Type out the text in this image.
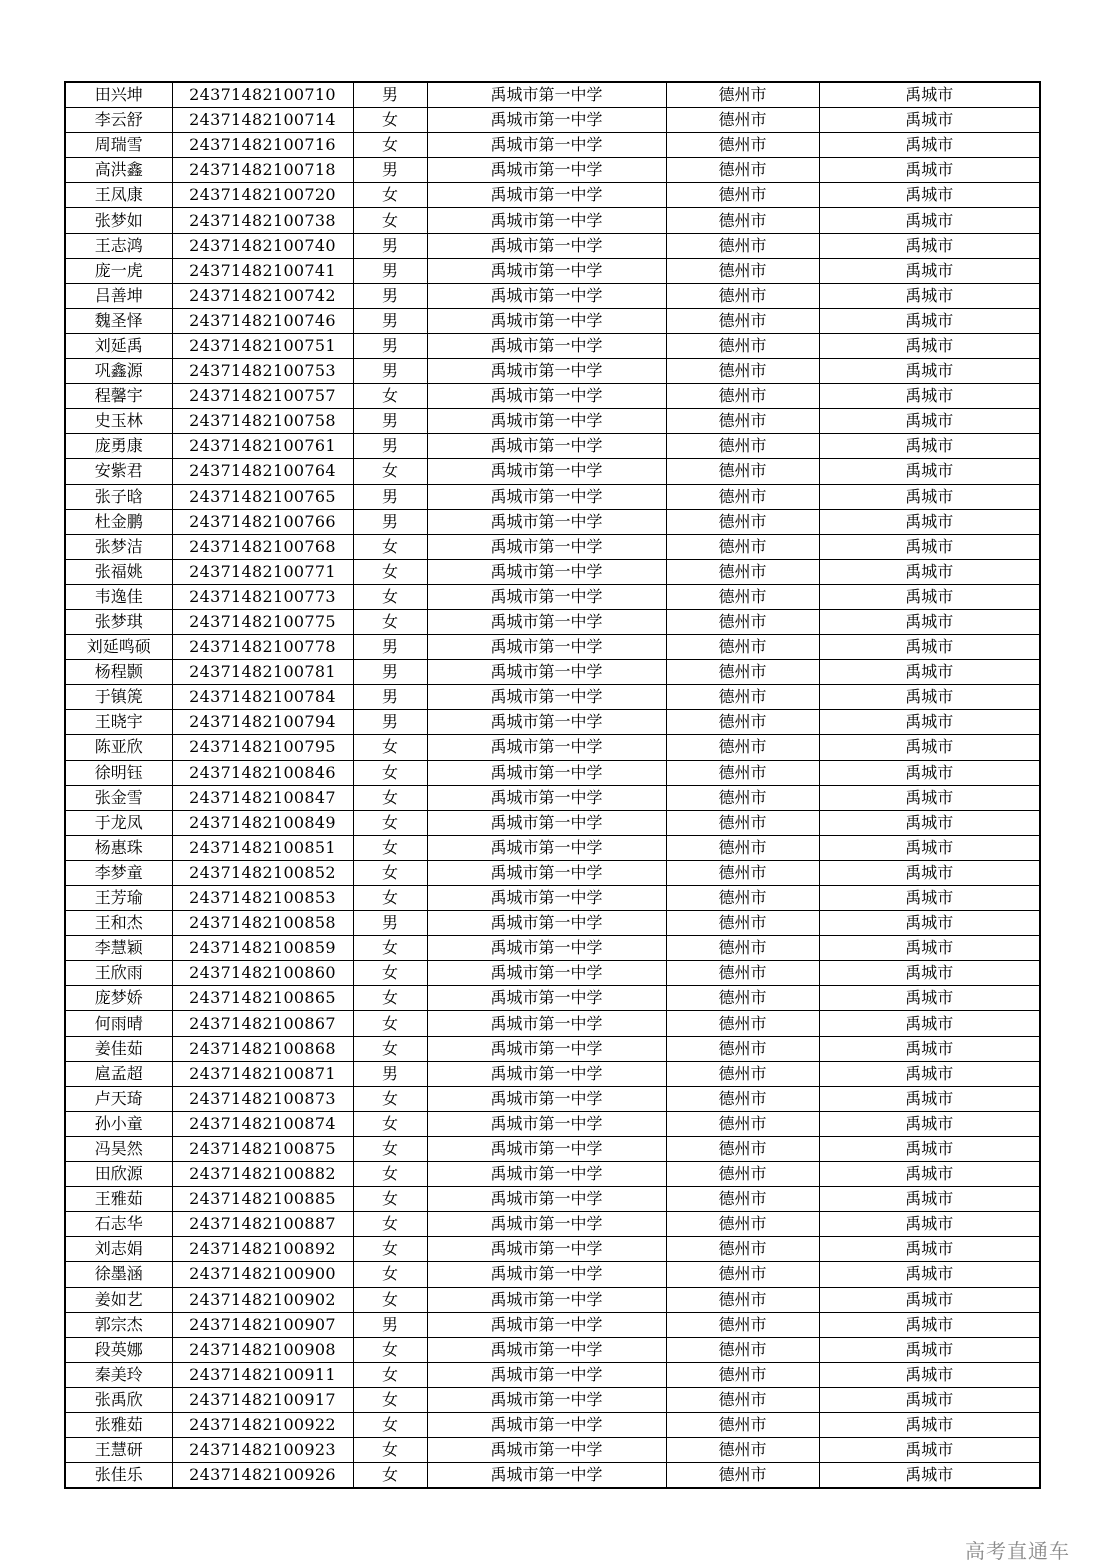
田兴坤	24371482100710	男	禹城市第一中学	德州市	禹城市
李云舒	24371482100714	女	禹城市第一中学	德州市	禹城市
周瑞雪	24371482100716	女	禹城市第一中学	德州市	禹城市
高洪鑫	24371482100718	男	禹城市第一中学	德州市	禹城市
王凤康	24371482100720	女	禹城市第一中学	德州市	禹城市
张梦如	24371482100738	女	禹城市第一中学	德州市	禹城市
王志鸿	24371482100740	男	禹城市第一中学	德州市	禹城市
庞一虎	24371482100741	男	禹城市第一中学	德州市	禹城市
吕善坤	24371482100742	男	禹城市第一中学	德州市	禹城市
魏圣怿	24371482100746	男	禹城市第一中学	德州市	禹城市
刘延禹	24371482100751	男	禹城市第一中学	德州市	禹城市
巩鑫源	24371482100753	男	禹城市第一中学	德州市	禹城市
程馨宇	24371482100757	女	禹城市第一中学	德州市	禹城市
史玉林	24371482100758	男	禹城市第一中学	德州市	禹城市
庞勇康	24371482100761	男	禹城市第一中学	德州市	禹城市
安紫君	24371482100764	女	禹城市第一中学	德州市	禹城市
张子晗	24371482100765	男	禹城市第一中学	德州市	禹城市
杜金鹏	24371482100766	男	禹城市第一中学	德州市	禹城市
张梦洁	24371482100768	女	禹城市第一中学	德州市	禹城市
张福姚	24371482100771	女	禹城市第一中学	德州市	禹城市
韦逸佳	24371482100773	女	禹城市第一中学	德州市	禹城市
张梦琪	24371482100775	女	禹城市第一中学	德州市	禹城市
刘延鸣硕	24371482100778	男	禹城市第一中学	德州市	禹城市
杨程颢	24371482100781	男	禹城市第一中学	德州市	禹城市
于镇箎	24371482100784	男	禹城市第一中学	德州市	禹城市
王晓宇	24371482100794	男	禹城市第一中学	德州市	禹城市
陈亚欣	24371482100795	女	禹城市第一中学	德州市	禹城市
徐明钰	24371482100846	女	禹城市第一中学	德州市	禹城市
张金雪	24371482100847	女	禹城市第一中学	德州市	禹城市
于龙凤	24371482100849	女	禹城市第一中学	德州市	禹城市
杨惠珠	24371482100851	女	禹城市第一中学	德州市	禹城市
李梦童	24371482100852	女	禹城市第一中学	德州市	禹城市
王芳瑜	24371482100853	女	禹城市第一中学	德州市	禹城市
王和杰	24371482100858	男	禹城市第一中学	德州市	禹城市
李慧颖	24371482100859	女	禹城市第一中学	德州市	禹城市
王欣雨	24371482100860	女	禹城市第一中学	德州市	禹城市
庞梦娇	24371482100865	女	禹城市第一中学	德州市	禹城市
何雨晴	24371482100867	女	禹城市第一中学	德州市	禹城市
姜佳茹	24371482100868	女	禹城市第一中学	德州市	禹城市
扈孟超	24371482100871	男	禹城市第一中学	德州市	禹城市
卢天琦	24371482100873	女	禹城市第一中学	德州市	禹城市
孙小童	24371482100874	女	禹城市第一中学	德州市	禹城市
冯昊然	24371482100875	女	禹城市第一中学	德州市	禹城市
田欣源	24371482100882	女	禹城市第一中学	德州市	禹城市
王雅茹	24371482100885	女	禹城市第一中学	德州市	禹城市
石志华	24371482100887	女	禹城市第一中学	德州市	禹城市
刘志娟	24371482100892	女	禹城市第一中学	德州市	禹城市
徐墨涵	24371482100900	女	禹城市第一中学	德州市	禹城市
姜如艺	24371482100902	女	禹城市第一中学	德州市	禹城市
郭宗杰	24371482100907	男	禹城市第一中学	德州市	禹城市
段英娜	24371482100908	女	禹城市第一中学	德州市	禹城市
秦美玲	24371482100911	女	禹城市第一中学	德州市	禹城市
张禹欣	24371482100917	女	禹城市第一中学	德州市	禹城市
张雅茹	24371482100922	女	禹城市第一中学	德州市	禹城市
王慧研	24371482100923	女	禹城市第一中学	德州市	禹城市
张佳乐	24371482100926	女	禹城市第一中学	德州市	禹城市
高考直通车
